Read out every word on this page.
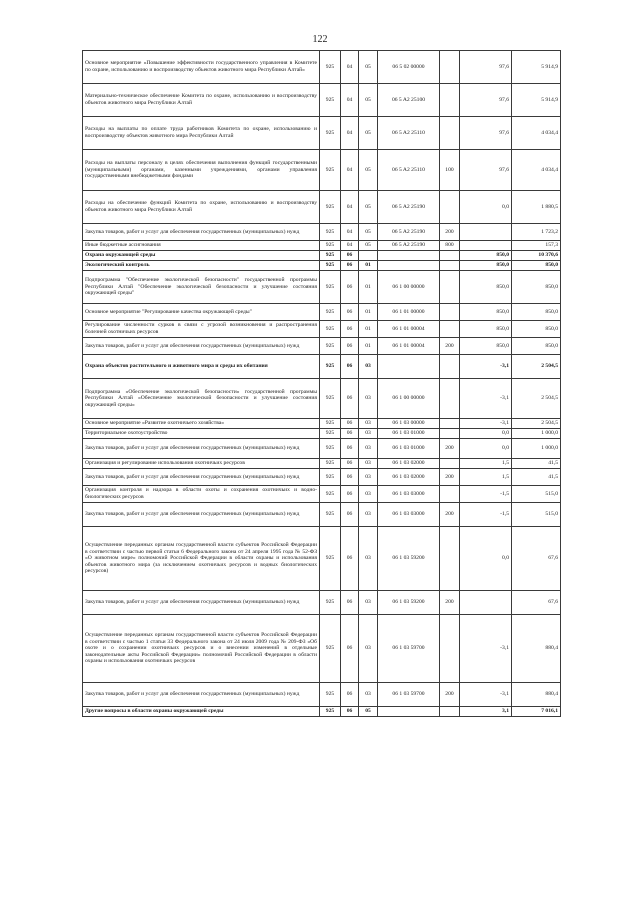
122
Основное мероприятие «Повышение эффективности государственного управления в Комитете по охране, использованию и воспроизводству объектов животного мира Республики Алтай»	925	04	05	06 5 02 00000		97,6	5 914,9
Материально-техническое обеспечение Комитета по охране, использованию и воспроизводству объектов животного мира Республики Алтай	925	04	05	06 5 A2 25100		97,6	5 914,9
Расходы на выплаты по оплате труда работников Комитета по охране, использованию и воспроизводству объектов животного мира Республики Алтай	925	04	05	06 5 A2 25110		97,6	4 034,4
Расходы на выплаты персоналу в целях обеспечения выполнения функций государственными (муниципальными) органами, казенными учреждениями, органами управления государственными внебюджетными фондами	925	04	05	06 5 A2 25110	100	97,6	4 034,4
Расходы на обеспечение функций Комитета по охране, использованию и воспроизводству объектов животного мира Республики Алтай	925	04	05	06 5 A2 25190		0,0	1 880,5
Закупка товаров, работ и услуг для обеспечения государственных (муниципальных) нужд	925	04	05	06 5 A2 25190	200		1 723,2
Иные бюджетные ассигнования	925	04	05	06 5 A2 25190	800		157,3
Охрана окружающей среды	925	06				850,0	10 370,6
Экологический контроль	925	06	01			850,0	850,0
Подпрограмма "Обеспечение экологической безопасности" государственной программы Республики Алтай "Обеспечение экологической безопасности и улучшение состояния окружающей среды"	925	06	01	06 1 00 00000		850,0	850,0
Основное мероприятие "Регулирование качества окружающей среды"	925	06	01	06 1 01 00000		850,0	850,0
Регулирование численности сурков в связи с угрозой возникновения и распространения болезней охотничьих ресурсов	925	06	01	06 1 01 00004		850,0	850,0
Закупка товаров, работ и услуг для обеспечения государственных (муниципальных) нужд	925	06	01	06 1 01 00004	200	850,0	850,0
Охрана объектов растительного и животного мира и среды их обитания	925	06	03			-3,1	2 504,5
Подпрограмма «Обеспечение экологической безопасности» государственной программы Республики Алтай «Обеспечение экологической безопасности и улучшение состояния окружающей среды»	925	06	03	06 1 00 00000		-3,1	2 504,5
Основное мероприятие «Развитие охотничьего хозяйства»	925	06	03	06 1 03 00000		-3,1	2 504,5
Территориальное охотоустройство	925	06	03	06 1 03 01000		0,0	1 000,0
Закупка товаров, работ и услуг для обеспечения государственных (муниципальных) нужд	925	06	03	06 1 03 01000	200	0,0	1 000,0
Организация и регулирование использования охотничьих ресурсов	925	06	03	06 1 03 02000		1,5	41,5
Закупка товаров, работ и услуг для обеспечения государственных (муниципальных) нужд	925	06	03	06 1 03 02000	200	1,5	41,5
Организация контроля и надзора в области охоты и сохранения охотничьих и водно-биологических ресурсов	925	06	03	06 1 03 03000		-1,5	515,0
Закупка товаров, работ и услуг для обеспечения государственных (муниципальных) нужд	925	06	03	06 1 03 03000	200	-1,5	515,0
Осуществление переданных органам государственной власти субъектов Российской Федерации в соответствии с частью первой статьи 6 Федерального закона от 24 апреля 1995 года № 52-ФЗ «О животном мире» полномочий Российской Федерации в области охраны и использования объектов животного мира (за исключением охотничьих ресурсов и водных биологических ресурсов)	925	06	03	06 1 03 59200		0,0	67,6
Закупка товаров, работ и услуг для обеспечения государственных (муниципальных) нужд	925	06	03	06 1 03 59200	200		67,6
Осуществление переданных органам государственной власти субъектов Российской Федерации в соответствии с частью 1 статьи 33 Федерального закона от 24 июля 2009 года № 209-ФЗ «Об охоте и о сохранении охотничьих ресурсов и о внесении изменений в отдельные законодательные акты Российской Федерации» полномочий Российской Федерации в области охраны и использования охотничьих ресурсов	925	06	03	06 1 03 59700		-3,1	880,4
Закупка товаров, работ и услуг для обеспечения государственных (муниципальных) нужд	925	06	03	06 1 03 59700	200	-3,1	880,4
Другие вопросы в области охраны окружающей среды	925	06	05			3,1	7 016,1
